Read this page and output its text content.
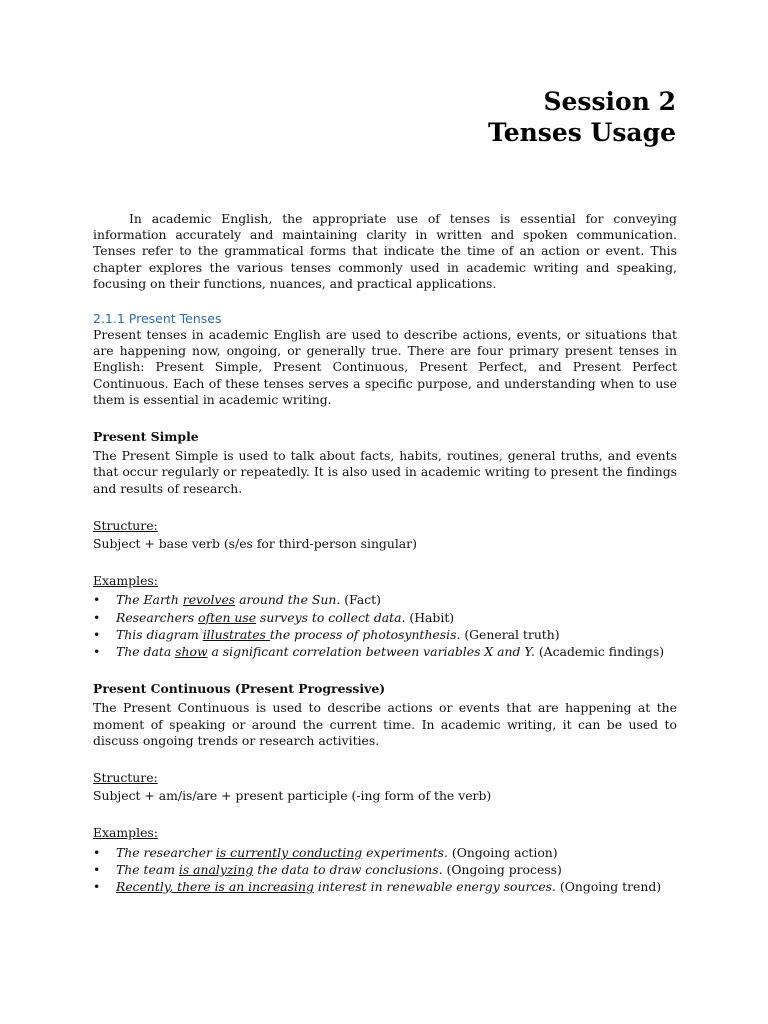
Session 2
Tenses Usage

In academic English, the appropriate use of tenses is essential for conveying information accurately and maintaining clarity in written and spoken communication. Tenses refer to the grammatical forms that indicate the time of an action or event. This chapter explores the various tenses commonly used in academic writing and speaking, focusing on their functions, nuances, and practical applications.

2.1.1 Present Tenses

Present tenses in academic English are used to describe actions, events, or situations that are happening now, ongoing, or generally true. There are four primary present tenses in English: Present Simple, Present Continuous, Present Perfect, and Present Perfect Continuous. Each of these tenses serves a specific purpose, and understanding when to use them is essential in academic writing.

Present Simple

The Present Simple is used to talk about facts, habits, routines, general truths, and events that occur regularly or repeatedly. It is also used in academic writing to present the findings and results of research.

Structure:

Subject + base verb (s/es for third-person singular)

Examples:

• The Earth revolves around the Sun. (Fact)
• Researchers often use surveys to collect data. (Habit)
• This diagram illustrates the process of photosynthesis. (General truth)
• The data show a significant correlation between variables X and Y. (Academic findings)

Present Continuous (Present Progressive)

The Present Continuous is used to describe actions or events that are happening at the moment of speaking or around the current time. In academic writing, it can be used to discuss ongoing trends or research activities.

Structure:

Subject + am/is/are + present participle (-ing form of the verb)

Examples:

• The researcher is currently conducting experiments. (Ongoing action)
• The team is analyzing the data to draw conclusions. (Ongoing process)
• Recently, there is an increasing interest in renewable energy sources. (Ongoing trend)
